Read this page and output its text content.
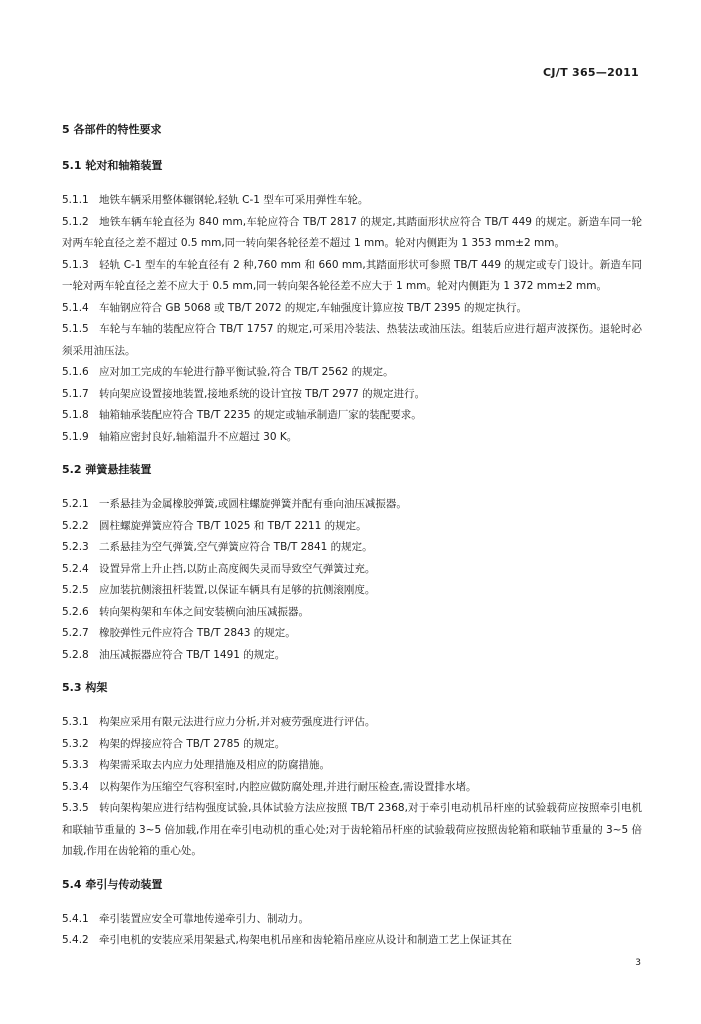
CJ/T 365—2011
5 各部件的特性要求
5.1 轮对和轴箱装置

5.1.1 地铁车辆采用整体辗钢轮,轻轨 C-1 型车可采用弹性车轮。

5.1.2 地铁车辆车轮直径为 840 mm,车轮应符合 TB/T 2817 的规定,其踏面形状应符合 TB/T 449 的规定。新造车同一轮对两车轮直径之差不超过 0.5 mm,同一转向架各轮径差不超过 1 mm。轮对内侧距为 1 353 mm±2 mm。

5.1.3 轻轨 C-1 型车的车轮直径有 2 种,760 mm 和 660 mm,其踏面形状可参照 TB/T 449 的规定或专门设计。新造车同一轮对两车轮直径之差不应大于 0.5 mm,同一转向架各轮径差不应大于 1 mm。轮对内侧距为 1 372 mm±2 mm。

5.1.4 车轴钢应符合 GB 5068 或 TB/T 2072 的规定,车轴强度计算应按 TB/T 2395 的规定执行。

5.1.5 车轮与车轴的装配应符合 TB/T 1757 的规定,可采用冷装法、热装法或油压法。组装后应进行超声波探伤。退轮时必须采用油压法。

5.1.6 应对加工完成的车轮进行静平衡试验,符合 TB/T 2562 的规定。

5.1.7 转向架应设置接地装置,接地系统的设计宜按 TB/T 2977 的规定进行。

5.1.8 轴箱轴承装配应符合 TB/T 2235 的规定或轴承制造厂家的装配要求。

5.1.9 轴箱应密封良好,轴箱温升不应超过 30 K。

5.2 弹簧悬挂装置

5.2.1 一系悬挂为金属橡胶弹簧,或圆柱螺旋弹簧并配有垂向油压减振器。

5.2.2 圆柱螺旋弹簧应符合 TB/T 1025 和 TB/T 2211 的规定。

5.2.3 二系悬挂为空气弹簧,空气弹簧应符合 TB/T 2841 的规定。

5.2.4 设置异常上升止挡,以防止高度阀失灵而导致空气弹簧过充。

5.2.5 应加装抗侧滚扭杆装置,以保证车辆具有足够的抗侧滚刚度。

5.2.6 转向架构架和车体之间安装横向油压减振器。

5.2.7 橡胶弹性元件应符合 TB/T 2843 的规定。

5.2.8 油压减振器应符合 TB/T 1491 的规定。

5.3 构架

5.3.1 构架应采用有限元法进行应力分析,并对疲劳强度进行评估。

5.3.2 构架的焊接应符合 TB/T 2785 的规定。

5.3.3 构架需采取去内应力处理措施及相应的防腐措施。

5.3.4 以构架作为压缩空气容积室时,内腔应做防腐处理,并进行耐压检查,需设置排水堵。

5.3.5 转向架构架应进行结构强度试验,具体试验方法应按照 TB/T 2368,对于牵引电动机吊杆座的试验载荷应按照牵引电机和联轴节重量的 3~5 倍加载,作用在牵引电动机的重心处;对于齿轮箱吊杆座的试验载荷应按照齿轮箱和联轴节重量的 3~5 倍加载,作用在齿轮箱的重心处。

5.4 牵引与传动装置

5.4.1 牵引装置应安全可靠地传递牵引力、制动力。

5.4.2 牵引电机的安装应采用架悬式,构架电机吊座和齿轮箱吊座应从设计和制造工艺上保证其在

3
